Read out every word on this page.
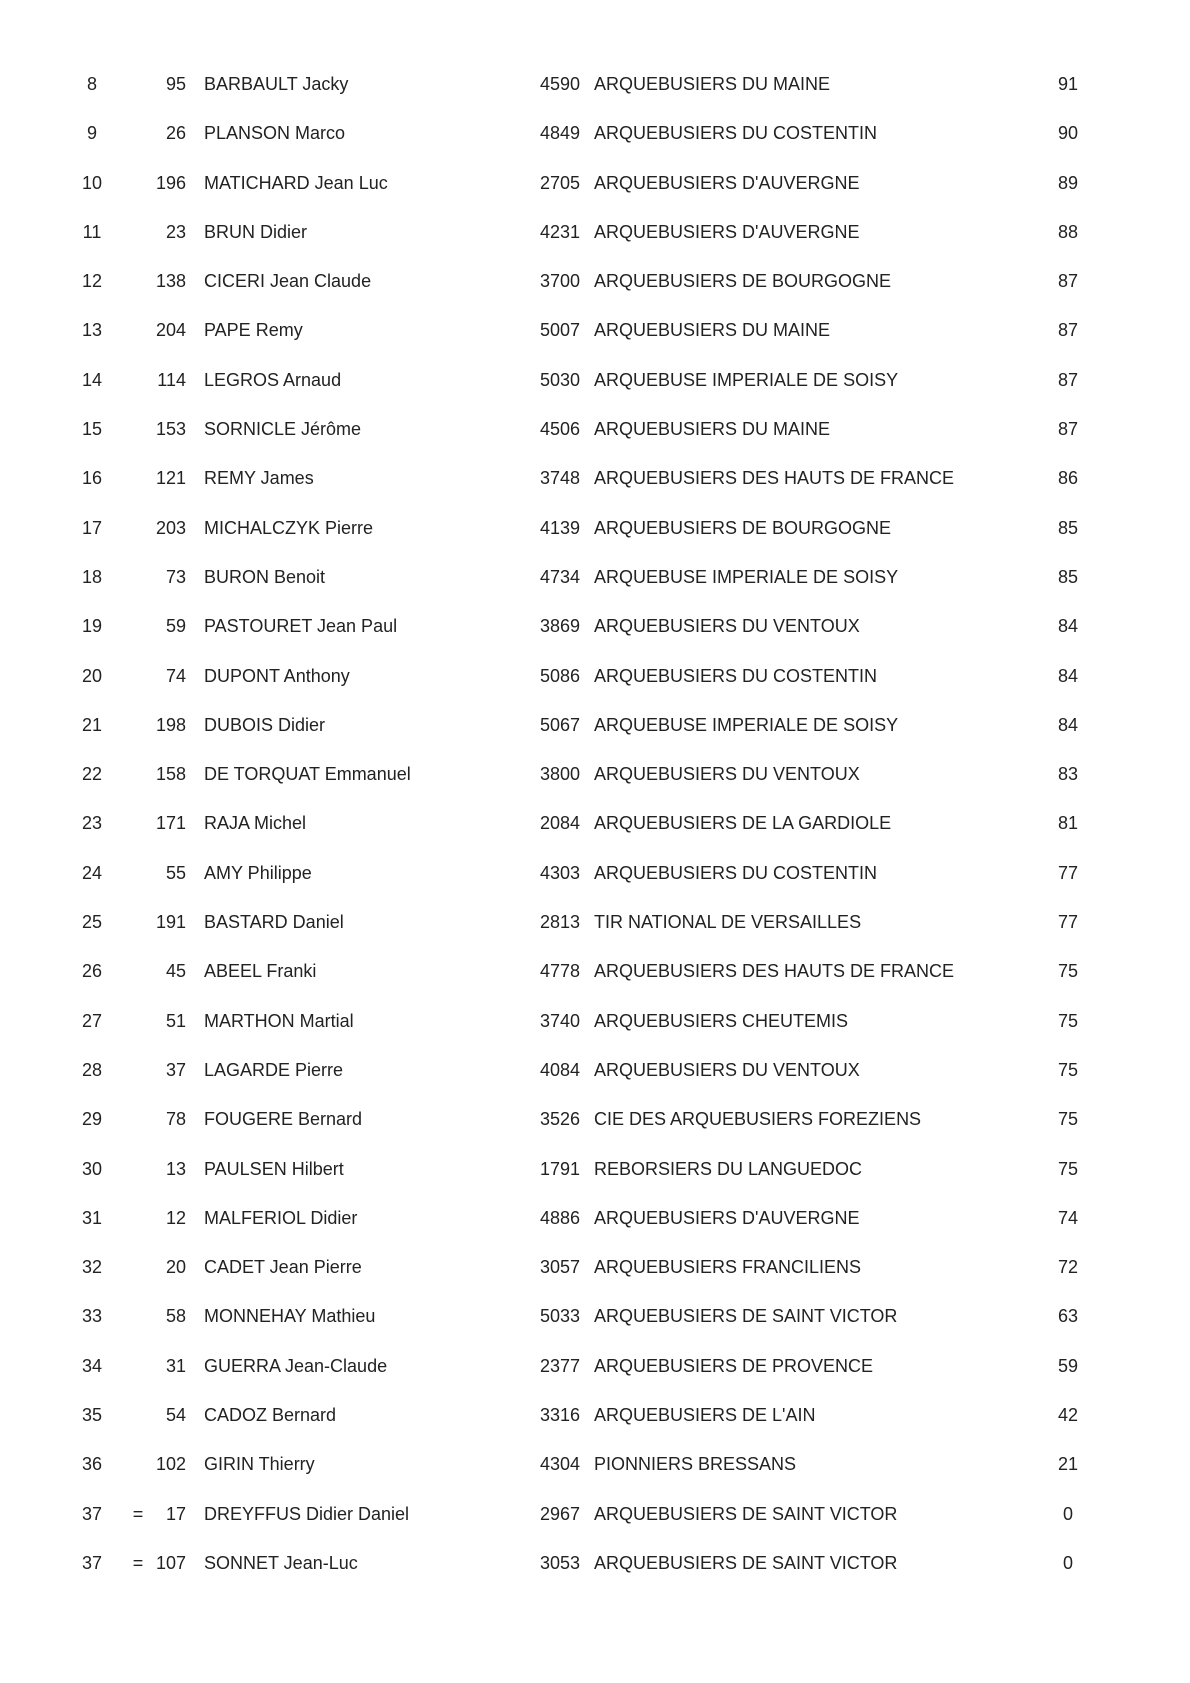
8	95 BARBAULT Jacky	4590 ARQUEBUSIERS DU MAINE	91
9	26 PLANSON Marco	4849 ARQUEBUSIERS DU COSTENTIN	90
10	196 MATICHARD Jean Luc	2705 ARQUEBUSIERS D'AUVERGNE	89
11	23 BRUN Didier	4231 ARQUEBUSIERS D'AUVERGNE	88
12	138 CICERI Jean Claude	3700 ARQUEBUSIERS DE BOURGOGNE	87
13	204 PAPE Remy	5007 ARQUEBUSIERS DU MAINE	87
14	114 LEGROS Arnaud	5030 ARQUEBUSE IMPERIALE DE SOISY	87
15	153 SORNICLE Jérôme	4506 ARQUEBUSIERS DU MAINE	87
16	121 REMY James	3748 ARQUEBUSIERS DES HAUTS DE FRANCE	86
17	203 MICHALCZYK Pierre	4139 ARQUEBUSIERS DE BOURGOGNE	85
18	73 BURON Benoit	4734 ARQUEBUSE IMPERIALE DE SOISY	85
19	59 PASTOURET Jean Paul	3869 ARQUEBUSIERS DU VENTOUX	84
20	74 DUPONT Anthony	5086 ARQUEBUSIERS DU COSTENTIN	84
21	198 DUBOIS Didier	5067 ARQUEBUSE IMPERIALE DE SOISY	84
22	158 DE TORQUAT Emmanuel	3800 ARQUEBUSIERS DU VENTOUX	83
23	171 RAJA Michel	2084 ARQUEBUSIERS DE LA GARDIOLE	81
24	55 AMY Philippe	4303 ARQUEBUSIERS DU COSTENTIN	77
25	191 BASTARD Daniel	2813 TIR NATIONAL DE VERSAILLES	77
26	45 ABEEL Franki	4778 ARQUEBUSIERS DES HAUTS DE FRANCE	75
27	51 MARTHON Martial	3740 ARQUEBUSIERS CHEUTEMIS	75
28	37 LAGARDE Pierre	4084 ARQUEBUSIERS DU VENTOUX	75
29	78 FOUGERE Bernard	3526 CIE DES ARQUEBUSIERS FOREZIENS	75
30	13 PAULSEN Hilbert	1791 REBORSIERS DU LANGUEDOC	75
31	12 MALFERIOL Didier	4886 ARQUEBUSIERS D'AUVERGNE	74
32	20 CADET Jean Pierre	3057 ARQUEBUSIERS FRANCILIENS	72
33	58 MONNEHAY Mathieu	5033 ARQUEBUSIERS DE SAINT VICTOR	63
34	31 GUERRA Jean-Claude	2377 ARQUEBUSIERS DE PROVENCE	59
35	54 CADOZ Bernard	3316 ARQUEBUSIERS DE L'AIN	42
36	102 GIRIN Thierry	4304 PIONNIERS BRESSANS	21
37	=	17 DREYFFUS Didier Daniel	2967 ARQUEBUSIERS DE SAINT VICTOR	0
37	= 107 SONNET Jean-Luc	3053 ARQUEBUSIERS DE SAINT VICTOR	0
